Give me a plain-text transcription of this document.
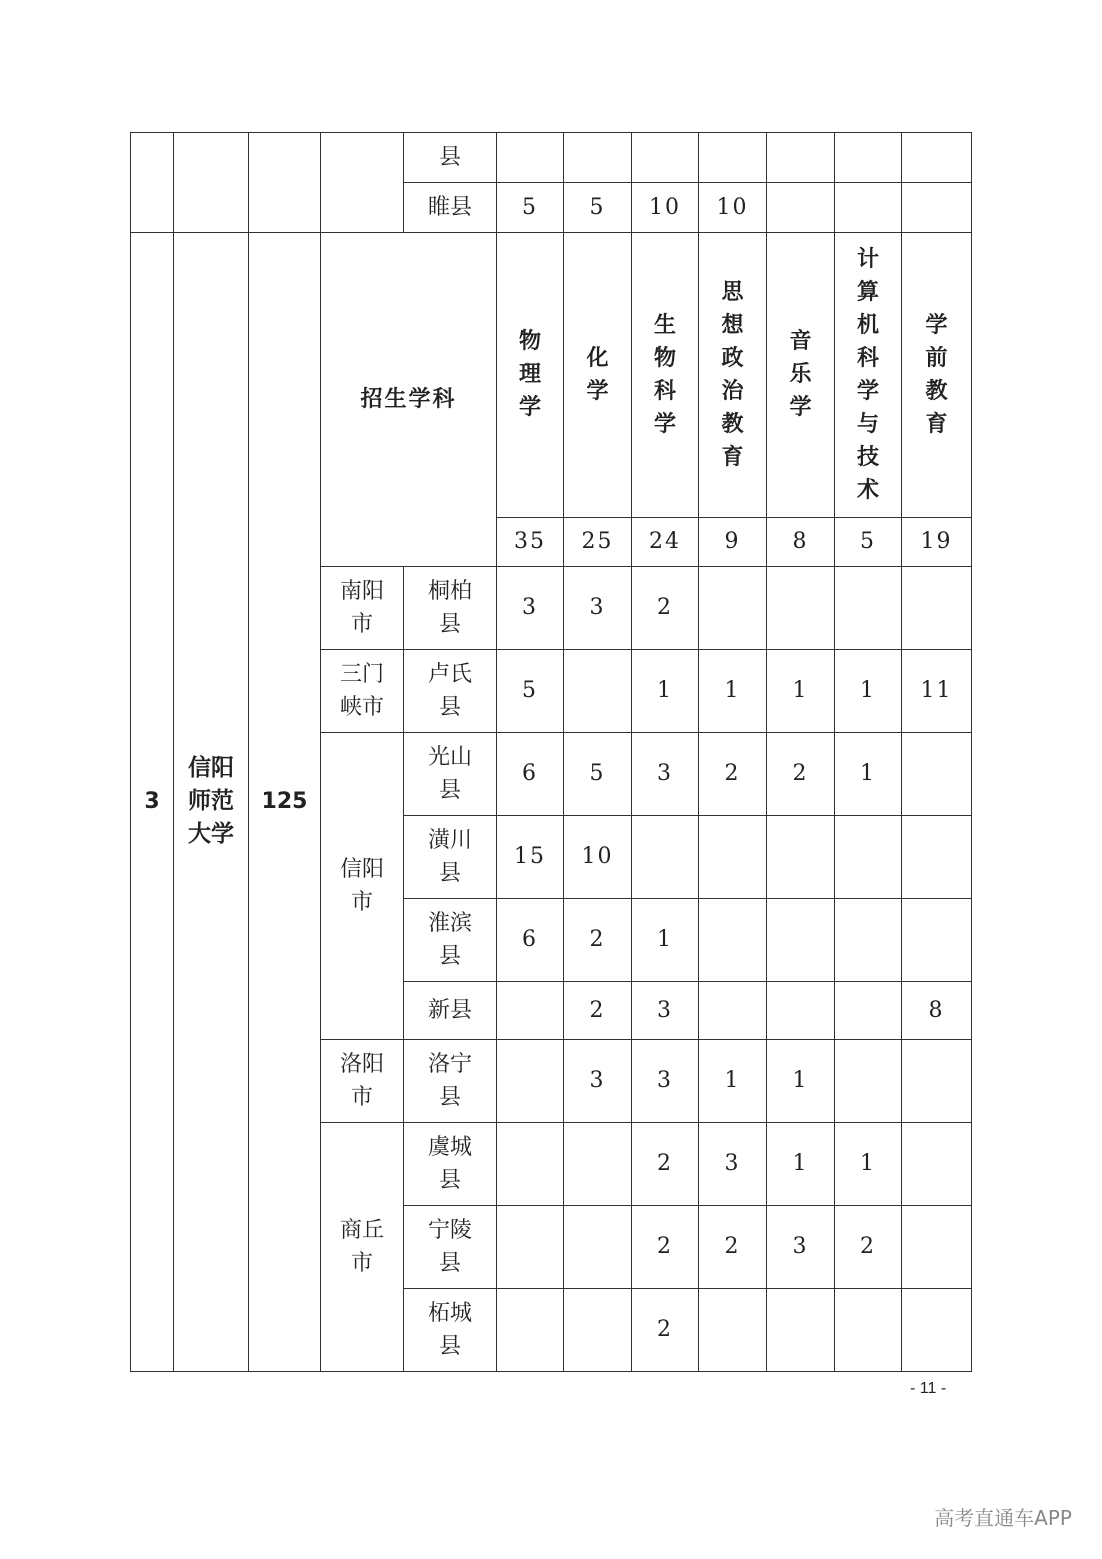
				县							
				睢县	5	5	10	10			
3	信阳师范大学	125	招生学科		物理学	化学	生物科学	思想政治教育	音乐学	计算机科学与技术	学前教育
					35	25	24	9	8	5	19
			南阳市	桐柏县	3	3	2				
			三门峡市	卢氏县	5		1	1	1	1	11
			信阳市	光山县	6	5	3	2	2	1	
				潢川县	15	10					
				淮滨县	6	2	1				
				新县		2	3				8
			洛阳市	洛宁县		3	3	1	1		
			商丘市	虞城县			2	3	1	1	
				宁陵县			2	2	3	2	
				柘城县			2				
- 11 -
高考直通车APP
